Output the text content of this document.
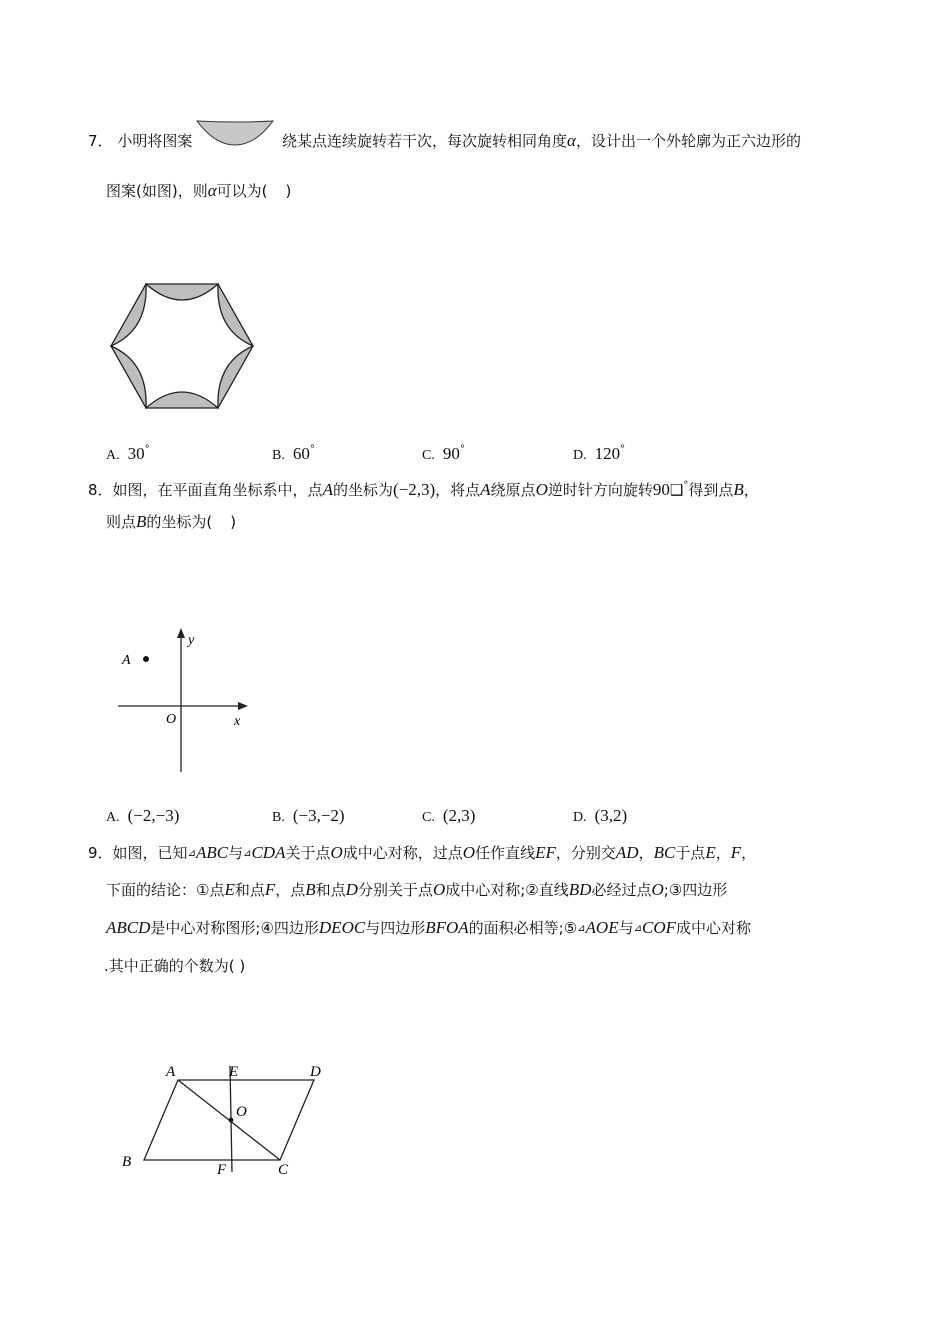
7． 小明将图案	绕某点连续旋转若干次，每次旋转相同角度α，设计出一个外轮廓为正六边形的
图案(如图)，则α可以为( )
A. 30°	B. 60°	C. 90°	D. 120°
8．如图，在平面直角坐标系中，点A的坐标为(−2,3)，将点A绕原点O逆时针方向旋转90❑°得到点B，
则点B的坐标为( )
A
O	x
y
A. (−2,−3)	B. (−3,−2)	C. (2,3)	D. (3,2)
9．如图，已知⊿ABC与⊿CDA关于点O成中心对称，过点O任作直线EF，分别交AD，BC于点E，F，
下面的结论：①点E和点F，点B和点D分别关于点O成中心对称;②直线BD必经过点O;③四边形
ABCD是中心对称图形;④四边形DEOC与四边形BFOA的面积必相等;⑤⊿AOE与⊿COF成中心对称
.其中正确的个数为( )
A	E	D
O
B	F	C
